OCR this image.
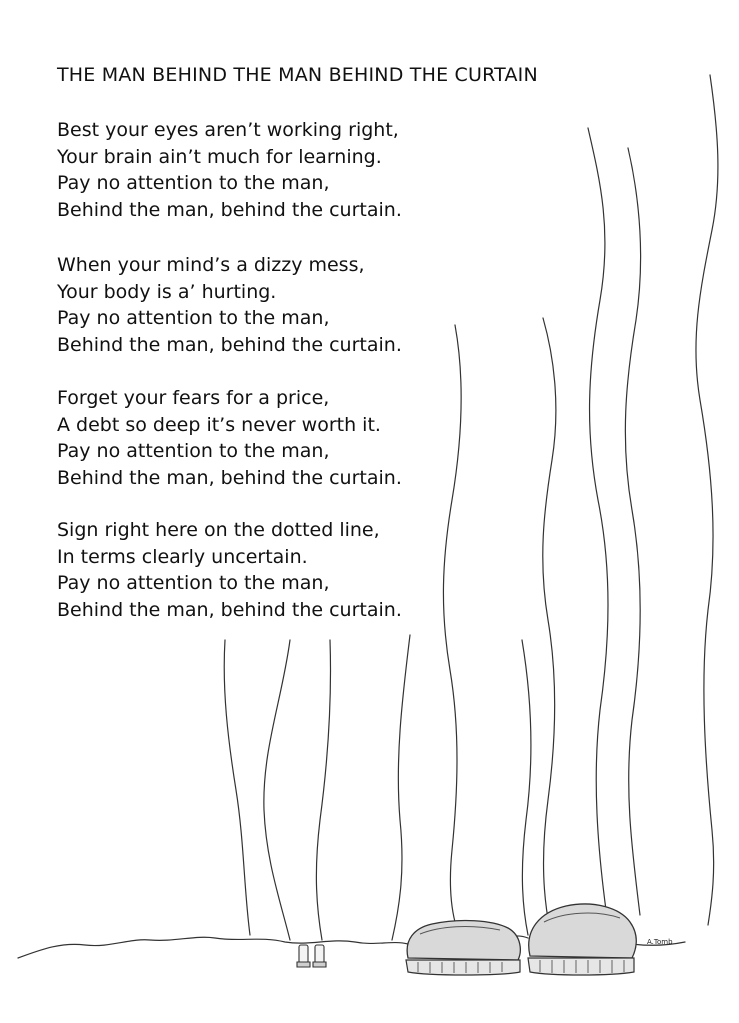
A.Tomb
THE MAN BEHIND THE MAN BEHIND THE CURTAIN
Best your eyes aren’t working right,
Your brain ain’t much for learning.
Pay no attention to the man,
Behind the man, behind the curtain.
When your mind’s a dizzy mess,
Your body is a’ hurting.
Pay no attention to the man,
Behind the man, behind the curtain.
Forget your fears for a price,
A debt so deep it’s never worth it.
Pay no attention to the man,
Behind the man, behind the curtain.
Sign right here on the dotted line,
In terms clearly uncertain.
Pay no attention to the man,
Behind the man, behind the curtain.
